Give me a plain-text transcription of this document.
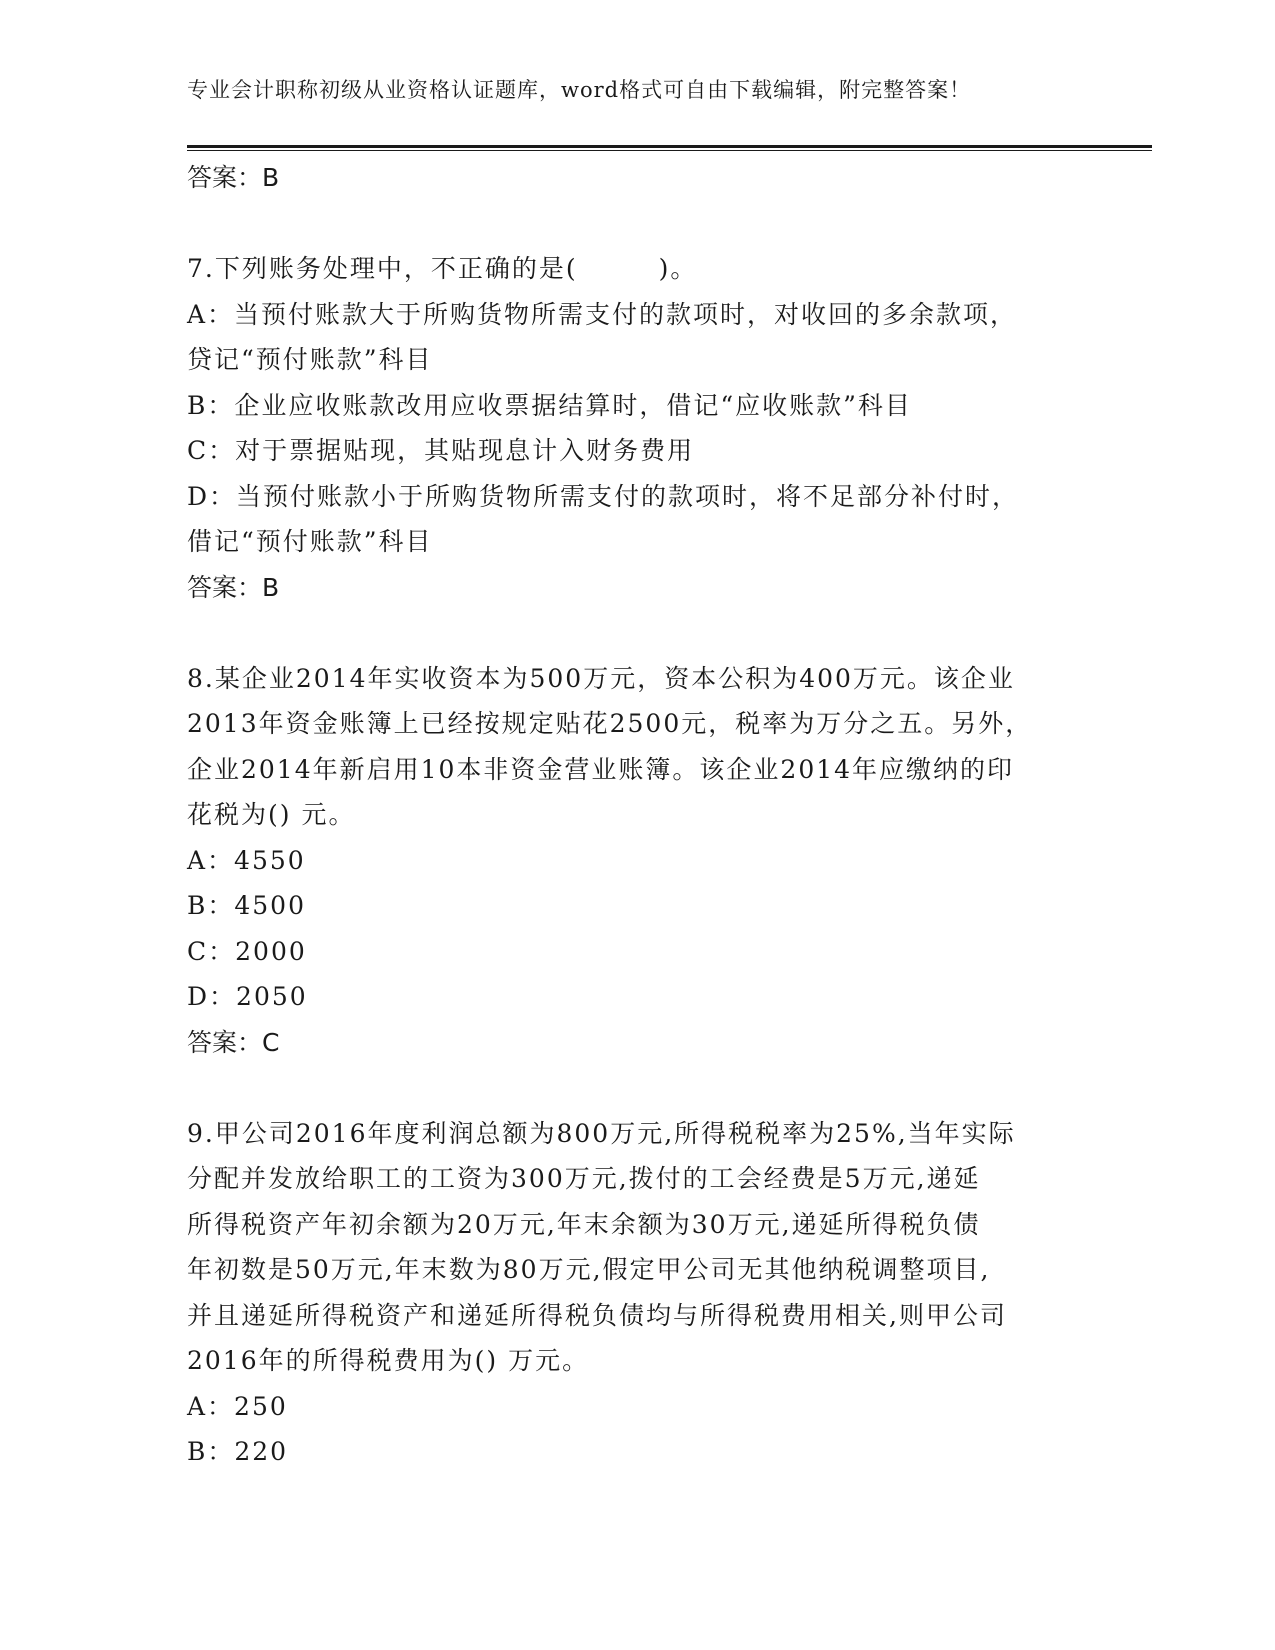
专业会计职称初级从业资格认证题库，word格式可自由下载编辑，附完整答案！
答案：B
7.下列账务处理中，不正确的是(　　　)。
A：当预付账款大于所购货物所需支付的款项时，对收回的多余款项，
贷记“预付账款”科目
B：企业应收账款改用应收票据结算时，借记“应收账款”科目
C：对于票据贴现，其贴现息计入财务费用
D：当预付账款小于所购货物所需支付的款项时，将不足部分补付时，
借记“预付账款”科目
答案：B
8.某企业2014年实收资本为500万元，资本公积为400万元。该企业
2013年资金账簿上已经按规定贴花2500元，税率为万分之五。另外，
企业2014年新启用10本非资金营业账簿。该企业2014年应缴纳的印
花税为() 元。
A：4550
B：4500
C：2000
D：2050
答案：C
9.甲公司2016年度利润总额为800万元,所得税税率为25%,当年实际
分配并发放给职工的工资为300万元,拨付的工会经费是5万元,递延
所得税资产年初余额为20万元,年末余额为30万元,递延所得税负债
年初数是50万元,年末数为80万元,假定甲公司无其他纳税调整项目,
并且递延所得税资产和递延所得税负债均与所得税费用相关,则甲公司
2016年的所得税费用为() 万元。
A：250
B：220
